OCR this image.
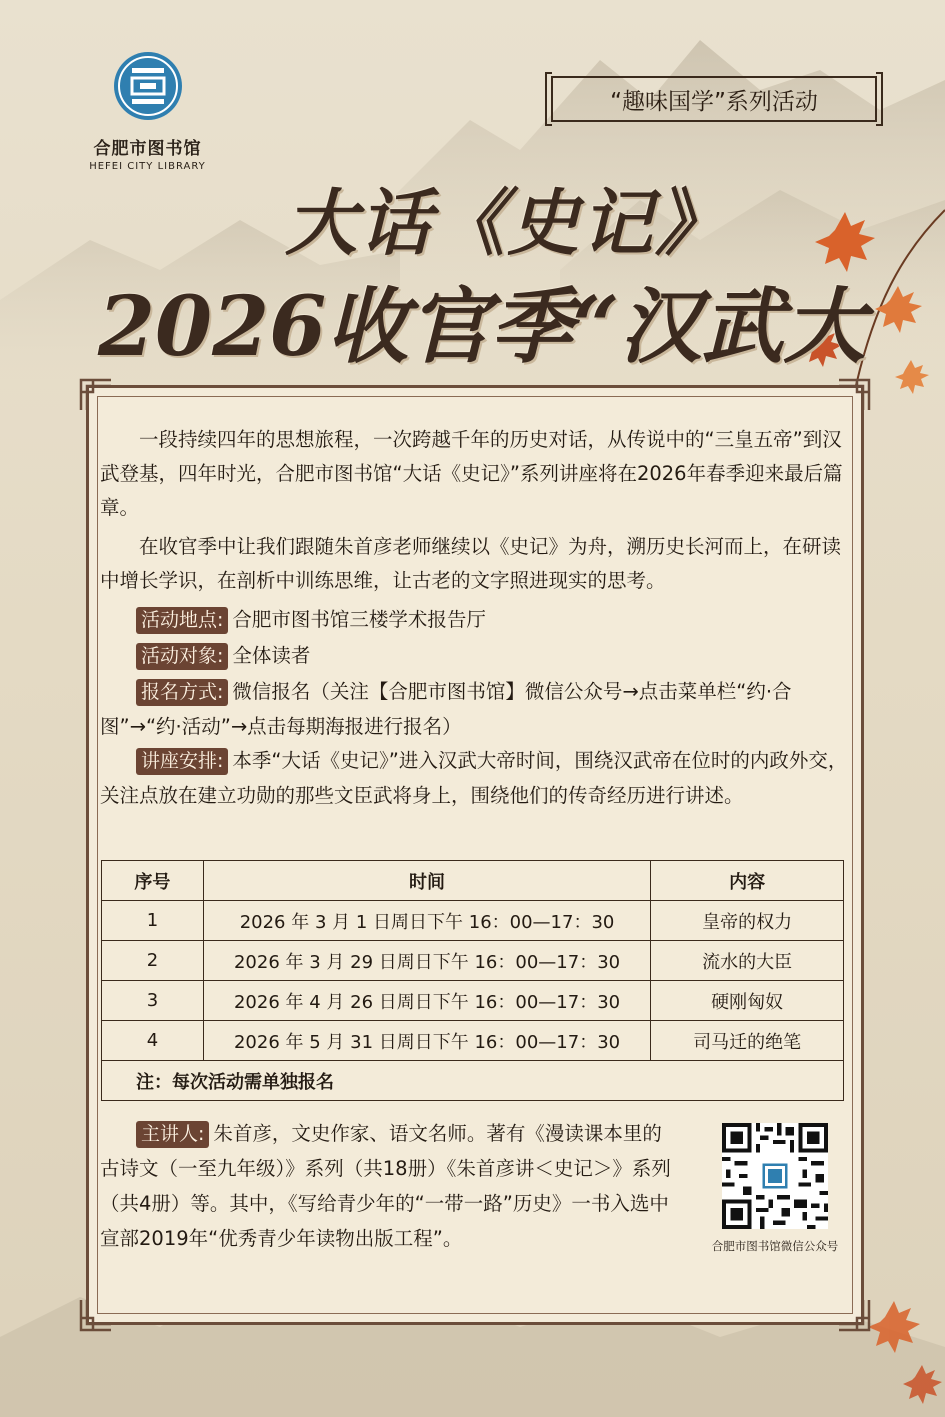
合肥市图书馆
HEFEI CITY LIBRARY
“趣味国学”系列活动
大话《史记》
2026收官季“汉武大
一段持续四年的思想旅程，一次跨越千年的历史对话，从传说中的“三皇五帝”到汉武登基，四年时光，合肥市图书馆“大话《史记》”系列讲座将在2026年春季迎来最后篇章。
在收官季中让我们跟随朱首彦老师继续以《史记》为舟，溯历史长河而上，在研读中增长学识，在剖析中训练思维，让古老的文字照进现实的思考。
活动地点: 合肥市图书馆三楼学术报告厅
活动对象: 全体读者
报名方式: 微信报名（关注【合肥市图书馆】微信公众号→点击菜单栏“约·合图”→“约·活动”→点击每期海报进行报名）
讲座安排: 本季“大话《史记》”进入汉武大帝时间，围绕汉武帝在位时的内政外交，关注点放在建立功勋的那些文臣武将身上，围绕他们的传奇经历进行讲述。
序号	时间	内容
1	2026 年 3 月 1 日周日下午 16：00—17：30	皇帝的权力
2	2026 年 3 月 29 日周日下午 16：00—17：30	流水的大臣
3	2026 年 4 月 26 日周日下午 16：00—17：30	硬刚匈奴
4	2026 年 5 月 31 日周日下午 16：00—17：30	司马迁的绝笔
注：每次活动需单独报名		
主讲人: 朱首彦，文史作家、语文名师。著有《漫读课本里的古诗文（一至九年级）》系列（共18册）《朱首彦讲＜史记＞》系列（共4册）等。其中，《写给青少年的“一带一路”历史》一书入选中宣部2019年“优秀青少年读物出版工程”。	合肥市图书馆微信公众号
